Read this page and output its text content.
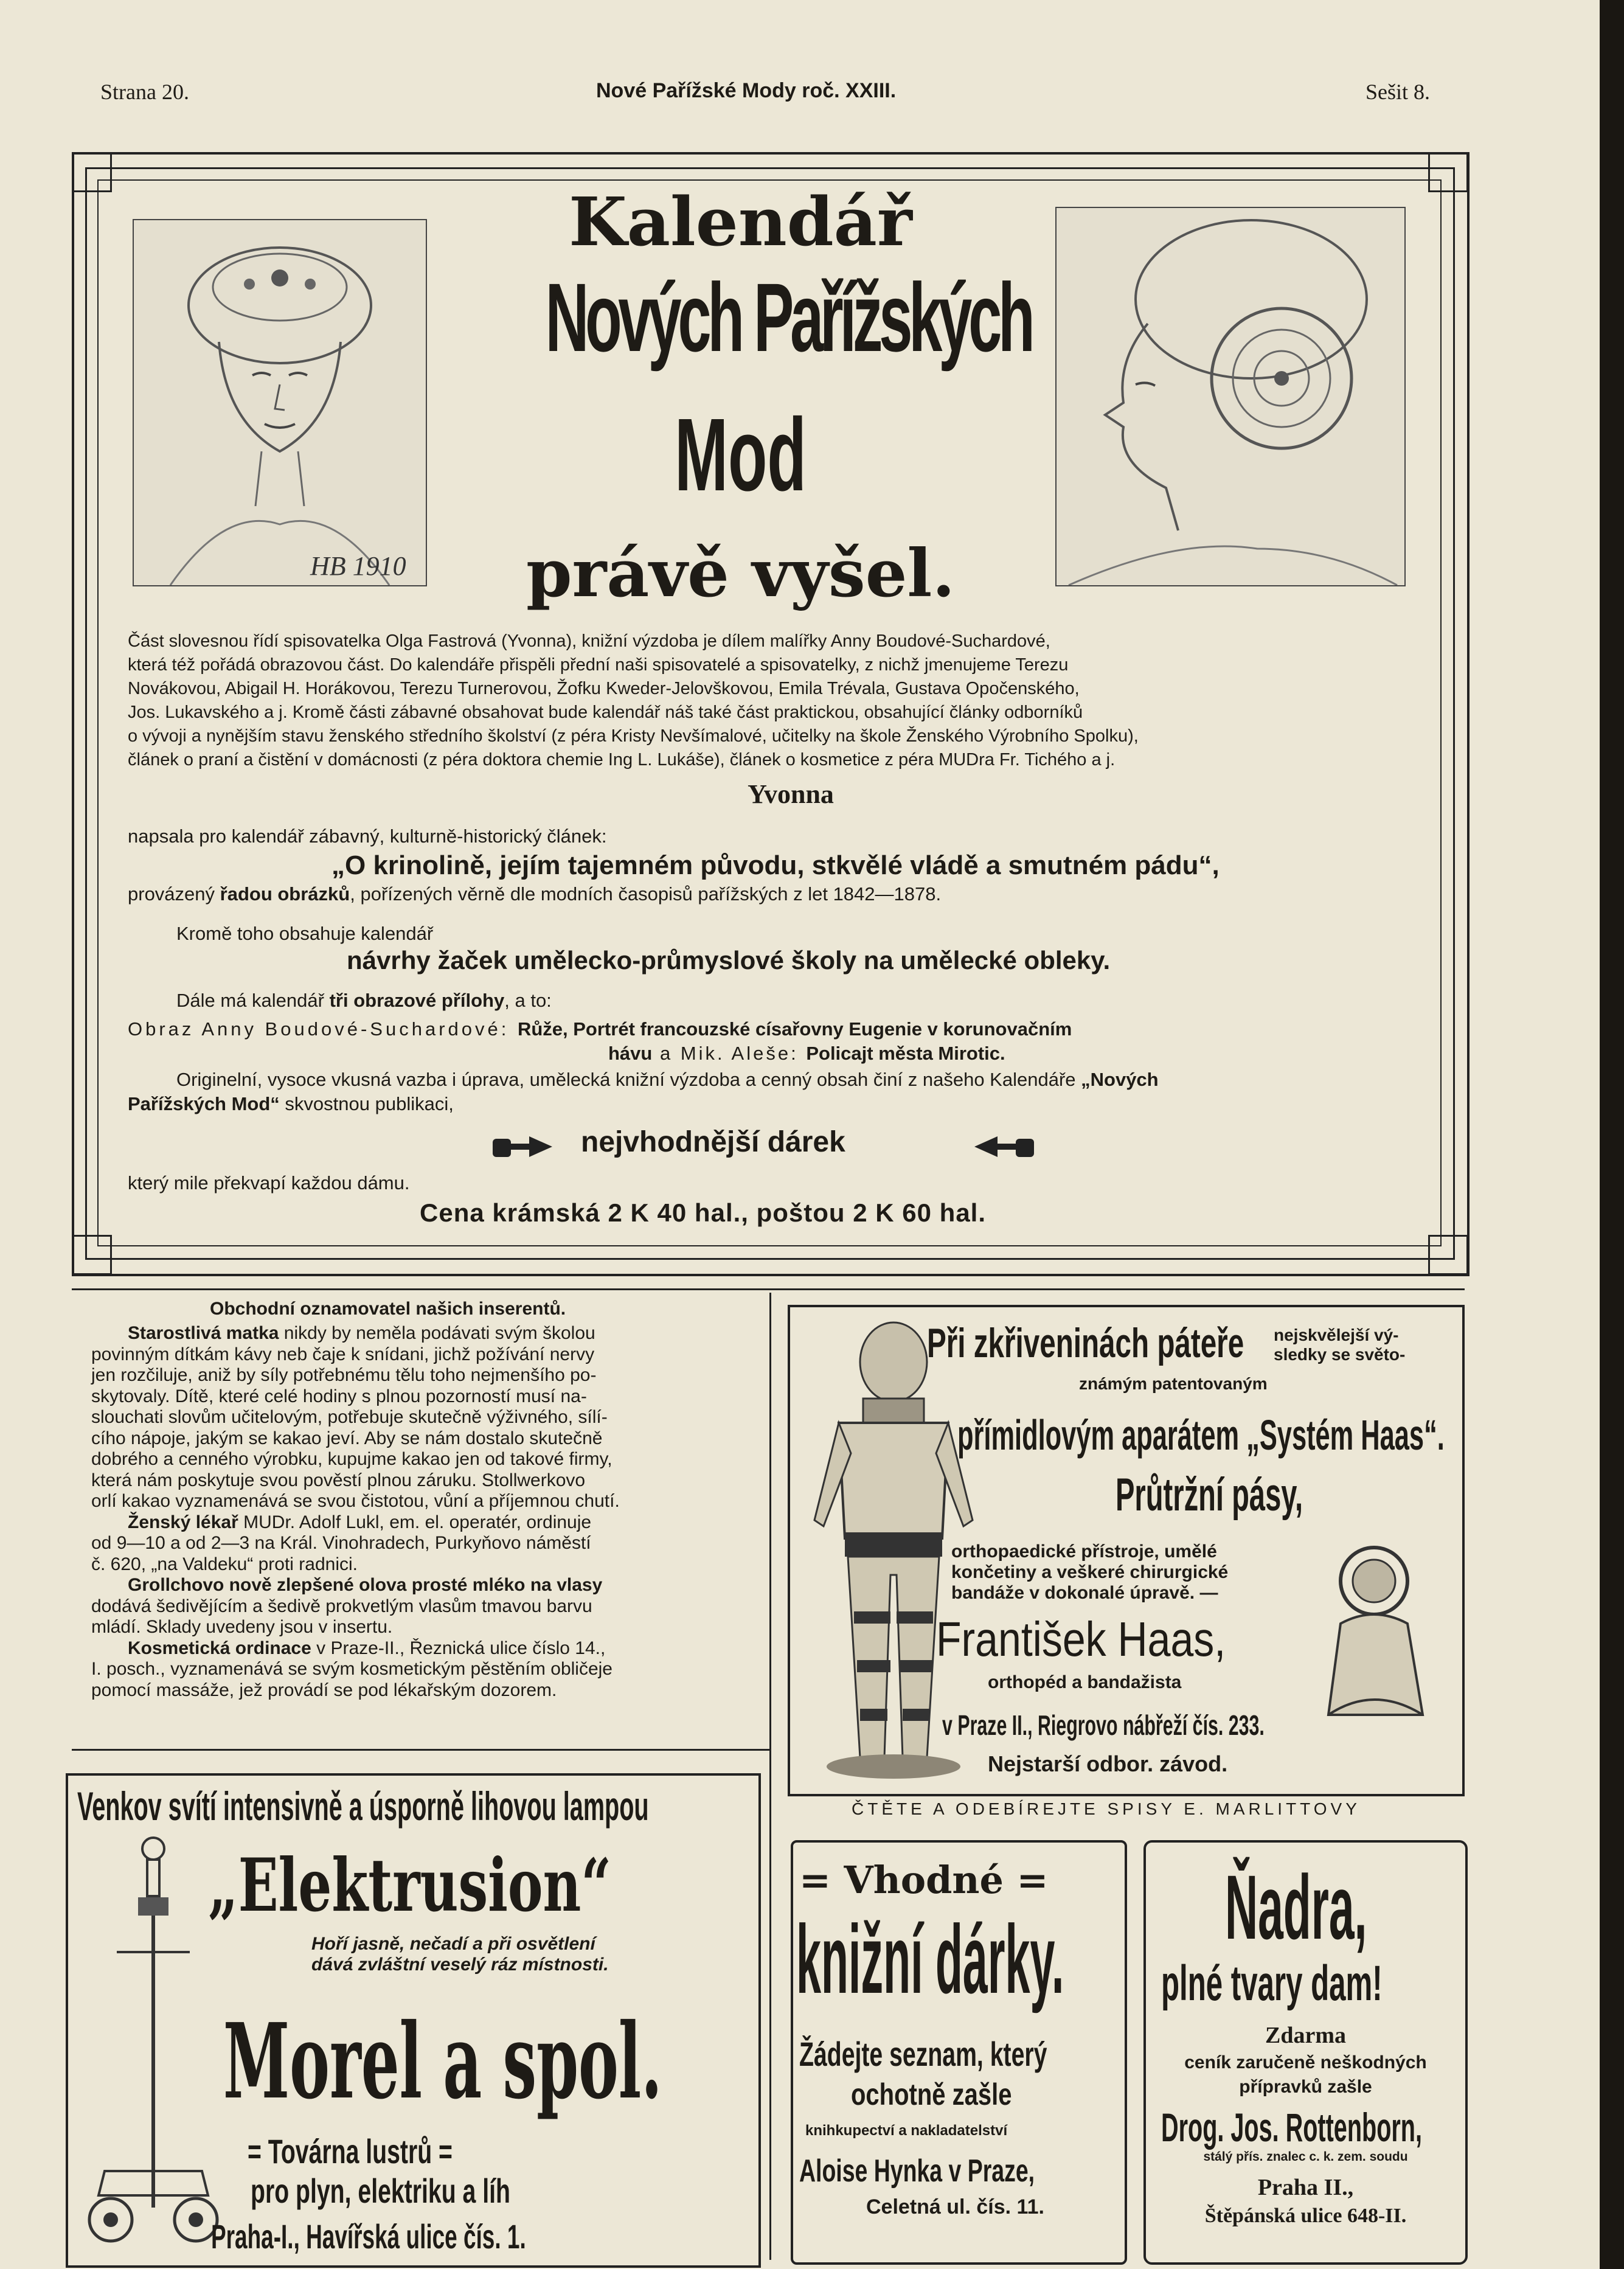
Strana 20.	Nové Pařížské Mody roč. XXIII.	Sešit 8.
HB 1910
Kalendář
Nových Pařížských
Mod
právě vyšel.
Část slovesnou řídí spisovatelka Olga Fastrová (Yvonna), knižní výzdoba je dílem malířky Anny Boudové-Suchardové,
která též pořádá obrazovou část. Do kalendáře přispěli přední naši spisovatelé a spisovatelky, z nichž jmenujeme Terezu
Novákovou, Abigail H. Horákovou, Terezu Turnerovou, Žofku Kweder-Jelovškovou, Emila Trévala, Gustava Opočenského,
Jos. Lukavského a j. Kromě části zábavné obsahovat bude kalendář náš také část praktickou, obsahující články odborníků
o vývoji a nynějším stavu ženského středního školství (z péra Kristy Nevšímalové, učitelky na škole Ženského Výrobního Spolku),
článek o praní a čistění v domácnosti (z péra doktora chemie Ing L. Lukáše), článek o kosmetice z péra MUDra Fr. Tichého a j.
Yvonna
napsala pro kalendář zábavný, kulturně-historický článek:
„O krinolině, jejím tajemném původu, stkvělé vládě a smutném pádu“,
provázený řadou obrázků, pořízených věrně dle modních časopisů pařížských z let 1842—1878.
Kromě toho obsahuje kalendář
návrhy žaček umělecko-průmyslové školy na umělecké obleky.
Dále má kalendář tři obrazové přílohy, a to:
Obraz Anny Boudové-Suchardové: Růže, Portrét francouzské císařovny Eugenie v korunovačním
hávu a Mik. Aleše: Policajt města Mirotic.
Originelní, vysoce vkusná vazba i úprava, umělecká knižní výzdoba a cenný obsah činí z našeho Kalendáře „Nových
Pařížských Mod“ skvostnou publikaci,
nejvhodnější dárek
který mile překvapí každou dámu.
Cena krámská 2 K 40 hal., poštou 2 K 60 hal.
Obchodní oznamovatel našich inserentů.
Starostlivá matka nikdy by neměla podávati svým školou
povinným dítkám kávy neb čaje k snídani, jichž požívání nervy
jen rozčiluje, aniž by síly potřebnému tělu toho nejmenšího po-
skytovaly. Dítě, které celé hodiny s plnou pozorností musí na-
slouchati slovům učitelovým, potřebuje skutečně výživného, sílí-
cího nápoje, jakým se kakao jeví. Aby se nám dostalo skutečně
dobrého a cenného výrobku, kupujme kakao jen od takové firmy,
která nám poskytuje svou pověstí plnou záruku. Stollwerkovo
orlí kakao vyznamenává se svou čistotou, vůní a příjemnou chutí.
Ženský lékař MUDr. Adolf Lukl, em. el. operatér, ordinuje
od 9—10 a od 2—3 na Král. Vinohradech, Purkyňovo náměstí
č. 620, „na Valdeku“ proti radnici.
Grollchovo nově zlepšené olova prosté mléko na vlasy
dodává šedivějícím a šedivě prokvetlým vlasům tmavou barvu
mládí. Sklady uvedeny jsou v insertu.
Kosmetická ordinace v Praze-II., Řeznická ulice číslo 14.,
I. posch., vyznamenává se svým kosmetickým pěstěním obličeje
pomocí massáže, jež provádí se pod lékařským dozorem.
Při zkřiveninách páteře nejskvělejší vý-
sledky se světo-
známým patentovaným
přímidlovým aparátem „Systém Haas“.
Průtržní pásy,
orthopaedické přístroje, umělé
končetiny a veškeré chirurgické
bandáže v dokonalé úpravě. —
František Haas,
orthopéd a bandažista
v Praze II., Riegrovo nábřeží čís. 233.
Nejstarší odbor. závod.
ČTĚTE A ODEBÍREJTE SPISY E. MARLITTOVY
Venkov svítí intensivně a úsporně lihovou lampou
„Elektrusion“
Hoří jasně, nečadí a při osvětlení
dává zvláštní veselý ráz místnosti.
Morel a spol.
= Továrna lustrů =
pro plyn, elektriku a líh
Praha-I., Havířská ulice čís. 1.
= Vhodné =
knižní dárky.
Žádejte seznam, který
ochotně zašle
knihkupectví a nakladatelství
Aloise Hynka v Praze,
Celetná ul. čís. 11.
Ňadra,
plné tvary dam!
Zdarma
ceník zaručeně neškodných
přípravků zašle
Drog. Jos. Rottenborn,
stálý přís. znalec c. k. zem. soudu
Praha II.,
Štěpánská ulice 648-II.
